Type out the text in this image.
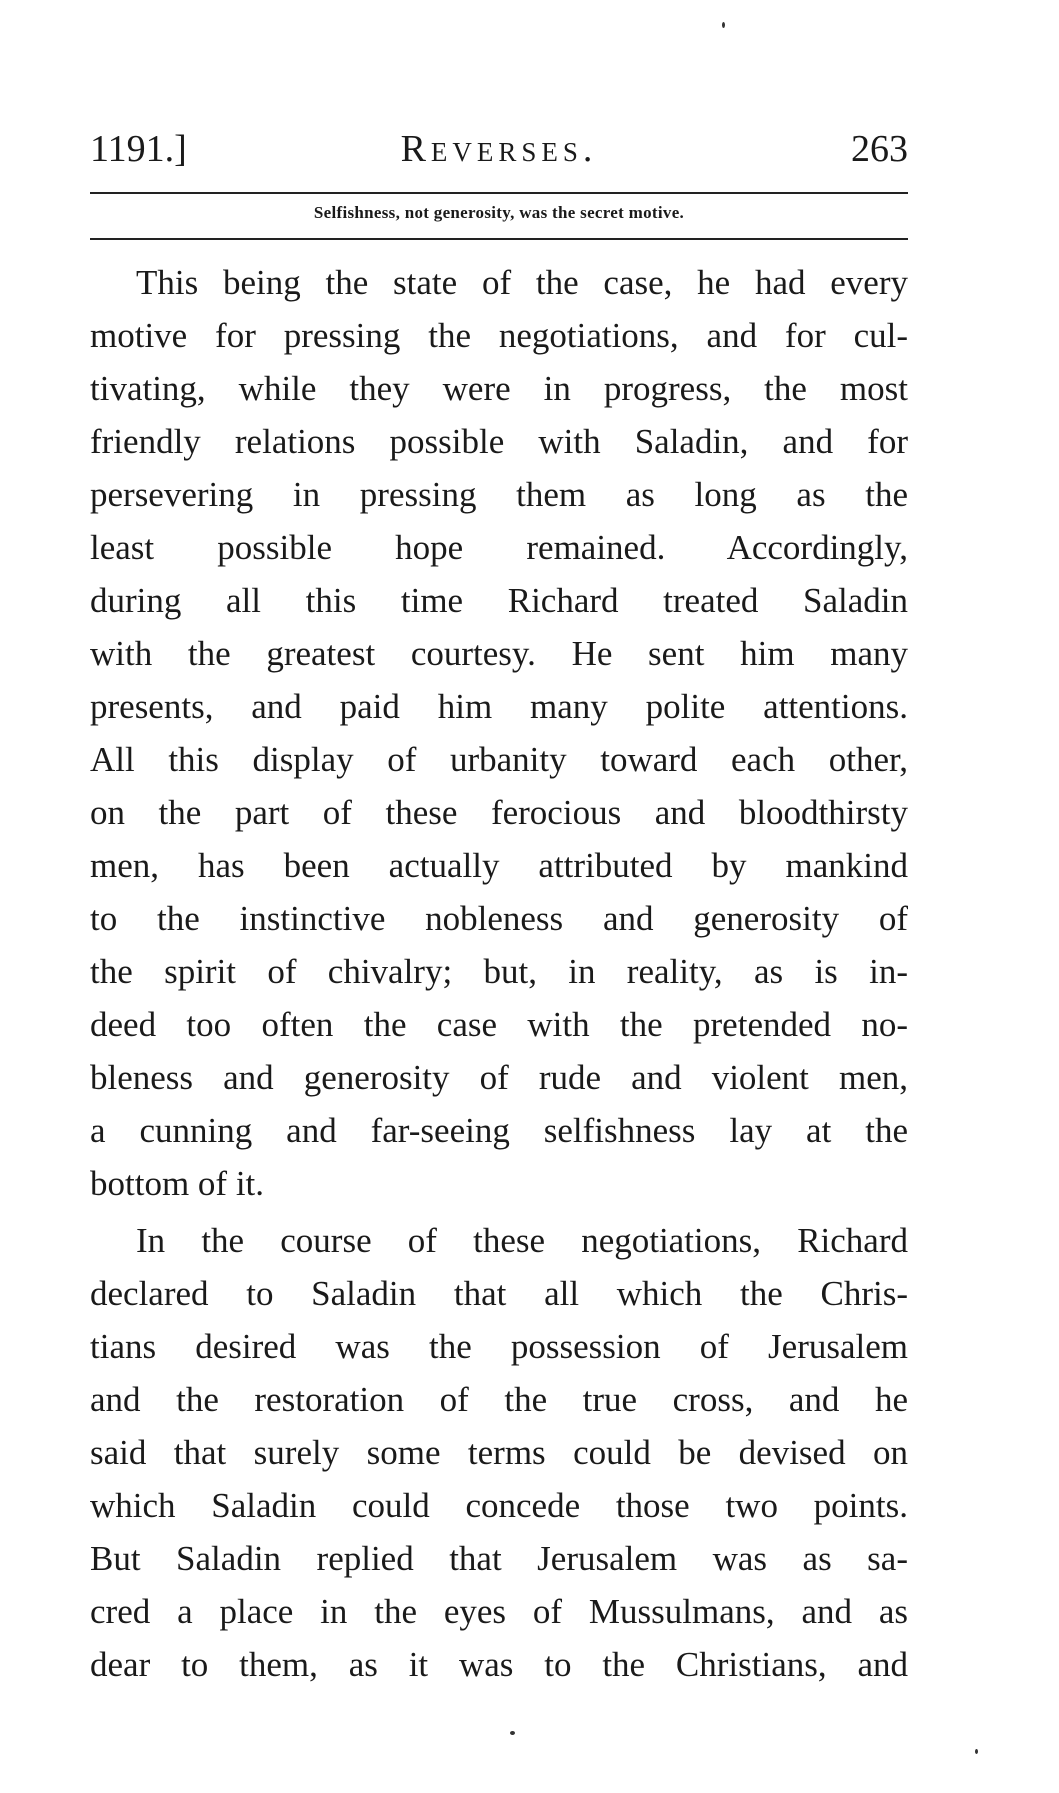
1191.]	Reverses.	263
Selfishness, not generosity, was the secret motive.
This being the state of the case, he had every
motive for pressing the negotiations, and for cul-
tivating, while they were in progress, the most
friendly relations possible with Saladin, and for
persevering in pressing them as long as the
least possible hope remained. Accordingly,
during all this time Richard treated Saladin
with the greatest courtesy. He sent him many
presents, and paid him many polite attentions.
All this display of urbanity toward each other,
on the part of these ferocious and bloodthirsty
men, has been actually attributed by mankind
to the instinctive nobleness and generosity of
the spirit of chivalry; but, in reality, as is in-
deed too often the case with the pretended no-
bleness and generosity of rude and violent men,
a cunning and far-seeing selfishness lay at the
bottom of it.
In the course of these negotiations, Richard
declared to Saladin that all which the Chris-
tians desired was the possession of Jerusalem
and the restoration of the true cross, and he
said that surely some terms could be devised on
which Saladin could concede those two points.
But Saladin replied that Jerusalem was as sa-
cred a place in the eyes of Mussulmans, and as
dear to them, as it was to the Christians, and
